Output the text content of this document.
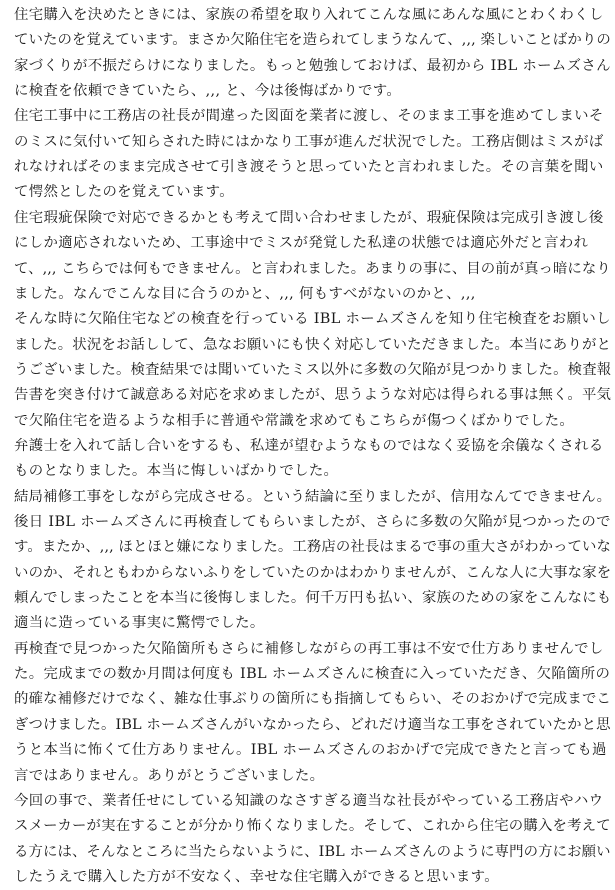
住宅購入を決めたときには、家族の希望を取り入れてこんな風にあんな風にとわくわくし
ていたのを覚えています。まさか欠陥住宅を造られてしまうなんて、,,, 楽しいことばかりの
家づくりが不振だらけになりました。もっと勉強しておけば、最初から IBL ホームズさん
に検査を依頼できていたら、,,, と、今は後悔ばかりです。
住宅工事中に工務店の社長が間違った図面を業者に渡し、そのまま工事を進めてしまいそ
のミスに気付いて知らされた時にはかなり工事が進んだ状況でした。工務店側はミスがば
れなければそのまま完成させて引き渡そうと思っていたと言われました。その言葉を聞い
て愕然としたのを覚えています。
住宅瑕疵保険で対応できるかとも考えて問い合わせましたが、瑕疵保険は完成引き渡し後
にしか適応されないため、工事途中でミスが発覚した私達の状態では適応外だと言われ
て、,,, こちらでは何もできません。と言われました。あまりの事に、目の前が真っ暗になり
ました。なんでこんな目に合うのかと、,,, 何もすべがないのかと、,,,
そんな時に欠陥住宅などの検査を行っている IBL ホームズさんを知り住宅検査をお願いし
ました。状況をお話しして、急なお願いにも快く対応していただきました。本当にありがと
うございました。検査結果では聞いていたミス以外に多数の欠陥が見つかりました。検査報
告書を突き付けて誠意ある対応を求めましたが、思うような対応は得られる事は無く。平気
で欠陥住宅を造るような相手に普通や常識を求めてもこちらが傷つくばかりでした。
弁護士を入れて話し合いをするも、私達が望むようなものではなく妥協を余儀なくされる
ものとなりました。本当に悔しいばかりでした。
結局補修工事をしながら完成させる。という結論に至りましたが、信用なんてできません。
後日 IBL ホームズさんに再検査してもらいましたが、さらに多数の欠陥が見つかったので
す。またか、,,, ほとほと嫌になりました。工務店の社長はまるで事の重大さがわかっていな
いのか、それともわからないふりをしていたのかはわかりませんが、こんな人に大事な家を
頼んでしまったことを本当に後悔しました。何千万円も払い、家族のための家をこんなにも
適当に造っている事実に驚愕でした。
再検査で見つかった欠陥箇所もさらに補修しながらの再工事は不安で仕方ありませんでし
た。完成までの数か月間は何度も IBL ホームズさんに検査に入っていただき、欠陥箇所の
的確な補修だけでなく、雑な仕事ぶりの箇所にも指摘してもらい、そのおかげで完成までこ
ぎつけました。IBL ホームズさんがいなかったら、どれだけ適当な工事をされていたかと思
うと本当に怖くて仕方ありません。IBL ホームズさんのおかげで完成できたと言っても過
言ではありません。ありがとうございました。
今回の事で、業者任せにしている知識のなさすぎる適当な社長がやっている工務店やハウ
スメーカーが実在することが分かり怖くなりました。そして、これから住宅の購入を考えて
る方には、そんなところに当たらないように、IBL ホームズさんのように専門の方にお願い
したうえで購入した方が不安なく、幸せな住宅購入ができると思います。
